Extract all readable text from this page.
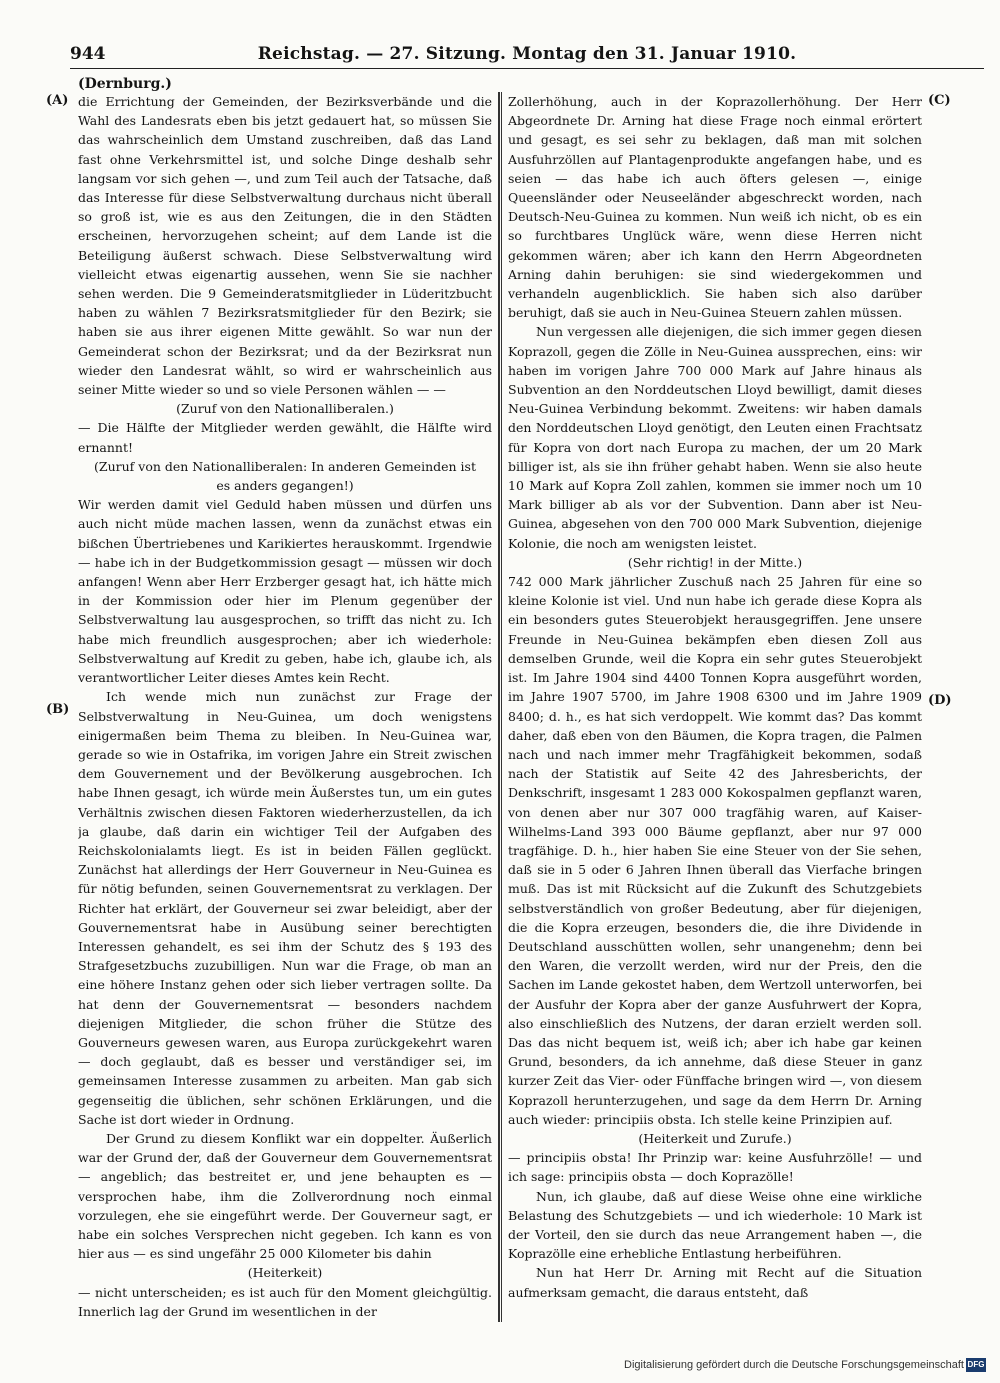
944	Reichstag. — 27. Sitzung. Montag den 31. Januar 1910.
(Dernburg.)

die Errichtung der Gemeinden, der Bezirksverbände und die Wahl des Landesrats eben bis jetzt gedauert hat, so müssen Sie das wahrscheinlich dem Umstand zuschreiben, daß das Land fast ohne Verkehrsmittel ist, und solche Dinge deshalb sehr langsam vor sich gehen —, und zum Teil auch der Tatsache, daß das Interesse für diese Selbstverwaltung durchaus nicht überall so groß ist, wie es aus den Zeitungen, die in den Städten erscheinen, hervorzugehen scheint; auf dem Lande ist die Beteiligung äußerst schwach. Diese Selbstverwaltung wird vielleicht etwas eigenartig aussehen, wenn Sie sie nachher sehen werden. Die 9 Gemeinderatsmitglieder in Lüderitzbucht haben zu wählen 7 Bezirksratsmitglieder für den Bezirk; sie haben sie aus ihrer eigenen Mitte gewählt. So war nun der Gemeinderat schon der Bezirksrat; und da der Bezirksrat nun wieder den Landesrat wählt, so wird er wahrscheinlich aus seiner Mitte wieder so und so viele Personen wählen — —

(Zuruf von den Nationalliberalen.)

— Die Hälfte der Mitglieder werden gewählt, die Hälfte wird ernannt!

(Zuruf von den Nationalliberalen: In anderen Gemeinden ist es anders gegangen!)

Wir werden damit viel Geduld haben müssen und dürfen uns auch nicht müde machen lassen, wenn da zunächst etwas ein bißchen Übertriebenes und Karikiertes herauskommt. Irgendwie — habe ich in der Budgetkommission gesagt — müssen wir doch anfangen! Wenn aber Herr Erzberger gesagt hat, ich hätte mich in der Kommission oder hier im Plenum gegenüber der Selbstverwaltung lau ausgesprochen, so trifft das nicht zu. Ich habe mich freundlich ausgesprochen; aber ich wiederhole: Selbstverwaltung auf Kredit zu geben, habe ich, glaube ich, als verantwortlicher Leiter dieses Amtes kein Recht.

Ich wende mich nun zunächst zur Frage der Selbstverwaltung in Neu-Guinea, um doch wenigstens einigermaßen beim Thema zu bleiben. In Neu-Guinea war, gerade so wie in Ostafrika, im vorigen Jahre ein Streit zwischen dem Gouvernement und der Bevölkerung ausgebrochen. Ich habe Ihnen gesagt, ich würde mein Äußerstes tun, um ein gutes Verhältnis zwischen diesen Faktoren wiederherzustellen, da ich ja glaube, daß darin ein wichtiger Teil der Aufgaben des Reichskolonialamts liegt. Es ist in beiden Fällen geglückt. Zunächst hat allerdings der Herr Gouverneur in Neu-Guinea es für nötig befunden, seinen Gouvernementsrat zu verklagen. Der Richter hat erklärt, der Gouverneur sei zwar beleidigt, aber der Gouvernementsrat habe in Ausübung seiner berechtigten Interessen gehandelt, es sei ihm der Schutz des § 193 des Strafgesetzbuchs zuzubilligen. Nun war die Frage, ob man an eine höhere Instanz gehen oder sich lieber vertragen sollte. Da hat denn der Gouvernementsrat — besonders nachdem diejenigen Mitglieder, die schon früher die Stütze des Gouverneurs gewesen waren, aus Europa zurückgekehrt waren — doch geglaubt, daß es besser und verständiger sei, im gemeinsamen Interesse zusammen zu arbeiten. Man gab sich gegenseitig die üblichen, sehr schönen Erklärungen, und die Sache ist dort wieder in Ordnung.

Der Grund zu diesem Konflikt war ein doppelter. Äußerlich war der Grund der, daß der Gouverneur dem Gouvernementsrat — angeblich; das bestreitet er, und jene behaupten es — versprochen habe, ihm die Zollverordnung noch einmal vorzulegen, ehe sie eingeführt werde. Der Gouverneur sagt, er habe ein solches Versprechen nicht gegeben. Ich kann es von hier aus — es sind ungefähr 25 000 Kilometer bis dahin

(Heiterkeit)

— nicht unterscheiden; es ist auch für den Moment gleichgültig. Innerlich lag der Grund im wesentlichen in der

Zollerhöhung, auch in der Koprazollerhöhung. Der Herr Abgeordnete Dr. Arning hat diese Frage noch einmal erörtert und gesagt, es sei sehr zu beklagen, daß man mit solchen Ausfuhrzöllen auf Plantagenprodukte angefangen habe, und es seien — das habe ich auch öfters gelesen —, einige Queensländer oder Neuseeländer abgeschreckt worden, nach Deutsch-Neu-Guinea zu kommen. Nun weiß ich nicht, ob es ein so furchtbares Unglück wäre, wenn diese Herren nicht gekommen wären; aber ich kann den Herrn Abgeordneten Arning dahin beruhigen: sie sind wiedergekommen und verhandeln augenblicklich. Sie haben sich also darüber beruhigt, daß sie auch in Neu-Guinea Steuern zahlen müssen.

Nun vergessen alle diejenigen, die sich immer gegen diesen Koprazoll, gegen die Zölle in Neu-Guinea aussprechen, eins: wir haben im vorigen Jahre 700 000 Mark auf Jahre hinaus als Subvention an den Norddeutschen Lloyd bewilligt, damit dieses Neu-Guinea Verbindung bekommt. Zweitens: wir haben damals den Norddeutschen Lloyd genötigt, den Leuten einen Frachtsatz für Kopra von dort nach Europa zu machen, der um 20 Mark billiger ist, als sie ihn früher gehabt haben. Wenn sie also heute 10 Mark auf Kopra Zoll zahlen, kommen sie immer noch um 10 Mark billiger ab als vor der Subvention. Dann aber ist Neu-Guinea, abgesehen von den 700 000 Mark Subvention, diejenige Kolonie, die noch am wenigsten leistet.

(Sehr richtig! in der Mitte.)

742 000 Mark jährlicher Zuschuß nach 25 Jahren für eine so kleine Kolonie ist viel. Und nun habe ich gerade diese Kopra als ein besonders gutes Steuerobjekt herausgegriffen. Jene unsere Freunde in Neu-Guinea bekämpfen eben diesen Zoll aus demselben Grunde, weil die Kopra ein sehr gutes Steuerobjekt ist. Im Jahre 1904 sind 4400 Tonnen Kopra ausgeführt worden, im Jahre 1907 5700, im Jahre 1908 6300 und im Jahre 1909 8400; d. h., es hat sich verdoppelt. Wie kommt das? Das kommt daher, daß eben von den Bäumen, die Kopra tragen, die Palmen nach und nach immer mehr Tragfähigkeit bekommen, sodaß nach der Statistik auf Seite 42 des Jahresberichts, der Denkschrift, insgesamt 1 283 000 Kokospalmen gepflanzt waren, von denen aber nur 307 000 tragfähig waren, auf Kaiser-Wilhelms-Land 393 000 Bäume gepflanzt, aber nur 97 000 tragfähige. D. h., hier haben Sie eine Steuer von der Sie sehen, daß sie in 5 oder 6 Jahren Ihnen überall das Vierfache bringen muß. Das ist mit Rücksicht auf die Zukunft des Schutzgebiets selbstverständlich von großer Bedeutung, aber für diejenigen, die die Kopra erzeugen, besonders die, die ihre Dividende in Deutschland ausschütten wollen, sehr unangenehm; denn bei den Waren, die verzollt werden, wird nur der Preis, den die Sachen im Lande gekostet haben, dem Wertzoll unterworfen, bei der Ausfuhr der Kopra aber der ganze Ausfuhrwert der Kopra, also einschließlich des Nutzens, der daran erzielt werden soll. Das das nicht bequem ist, weiß ich; aber ich habe gar keinen Grund, besonders, da ich annehme, daß diese Steuer in ganz kurzer Zeit das Vier- oder Fünffache bringen wird —, von diesem Koprazoll herunterzugehen, und sage da dem Herrn Dr. Arning auch wieder: principiis obsta. Ich stelle keine Prinzipien auf.

(Heiterkeit und Zurufe.)

— principiis obsta! Ihr Prinzip war: keine Ausfuhrzölle! — und ich sage: principiis obsta — doch Koprazölle!

Nun, ich glaube, daß auf diese Weise ohne eine wirkliche Belastung des Schutzgebiets — und ich wiederhole: 10 Mark ist der Vorteil, den sie durch das neue Arrangement haben —, die Koprazölle eine erhebliche Entlastung herbeiführen.

Nun hat Herr Dr. Arning mit Recht auf die Situation aufmerksam gemacht, die daraus entsteht, daß

(A)
(B)
(C)
(D)
Digitalisierung gefördert durch die Deutsche Forschungsgemeinschaft DFG
